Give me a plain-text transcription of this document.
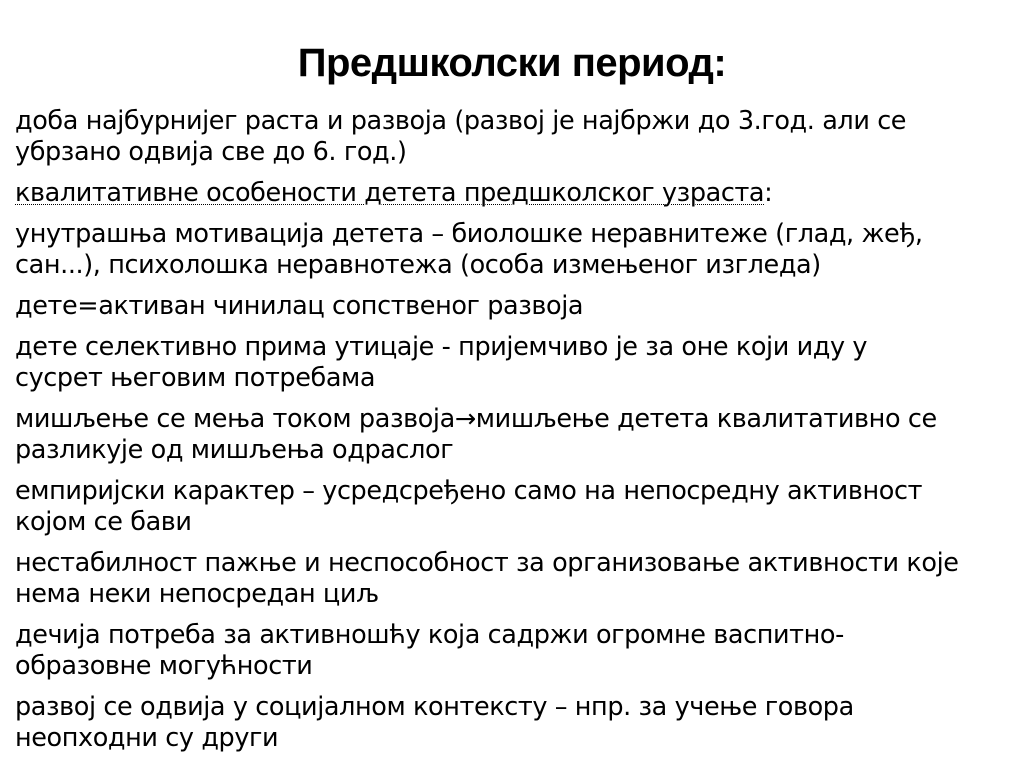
Предшколски период:
доба најбурнијег раста и развоја (развој је најбржи до 3.год. али се
убрзано одвија све до 6. год.)
квалитативне особености детета предшколског узраста:
унутрашња мотивација детета – биолошке неравнитеже (глад, жеђ,
сан...), психолошка неравнотежа (особа измењеног изгледа)
дете=активан чинилац сопственог развоја
дете селективно прима утицаје - пријемчиво је за оне који иду у
сусрет његовим потребама
мишљење се мења током развоја→мишљење детета квалитативно се
разликује од мишљења одраслог
емпиријски карактер – усредсређено само на непосредну активност
којом се бави
нестабилност пажње и неспособност за организовање активности које
нема неки непосредан циљ
дечија потреба за активношћу која садржи огромне васпитно-
образовне могућности
развој се одвија у социјалном контексту – нпр. за учење говора
неопходни су други
